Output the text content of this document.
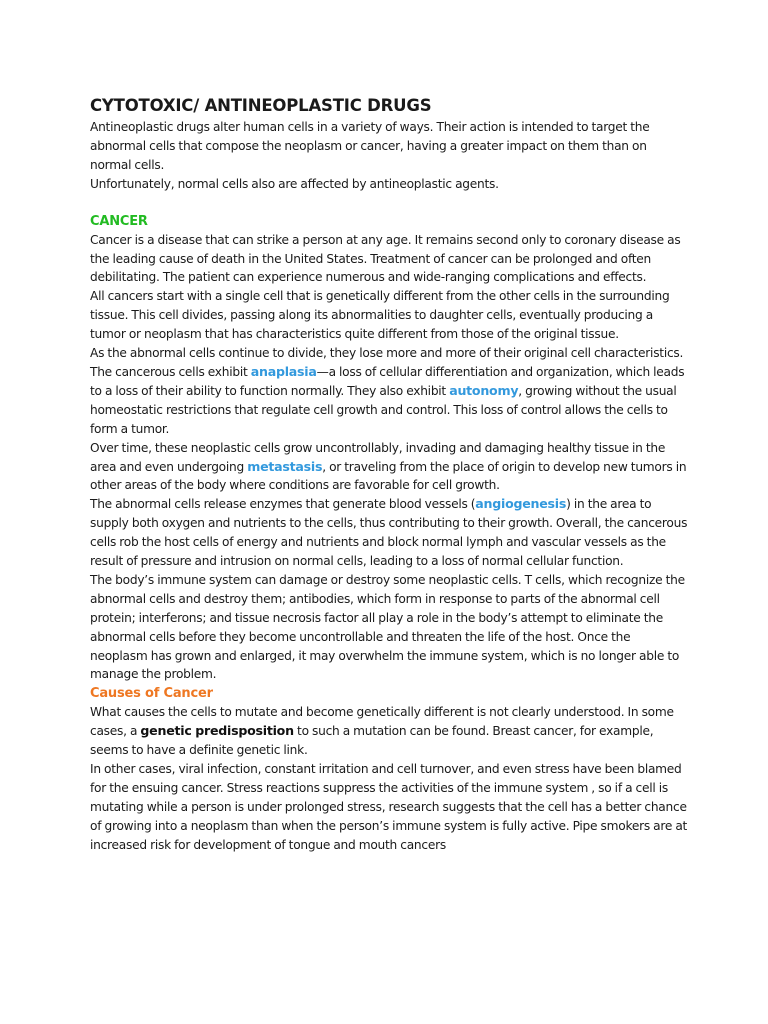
CYTOTOXIC/ ANTINEOPLASTIC DRUGS

Antineoplastic drugs alter human cells in a variety of ways. Their action is intended to target the abnormal cells that compose the neoplasm or cancer, having a greater impact on them than on normal cells.

Unfortunately, normal cells also are affected by antineoplastic agents.

CANCER

Cancer is a disease that can strike a person at any age. It remains second only to coronary disease as the leading cause of death in the United States. Treatment of cancer can be prolonged and often debilitating. The patient can experience numerous and wide-ranging complications and effects.

All cancers start with a single cell that is genetically different from the other cells in the surrounding tissue. This cell divides, passing along its abnormalities to daughter cells, eventually producing a tumor or neoplasm that has characteristics quite different from those of the original tissue.

As the abnormal cells continue to divide, they lose more and more of their original cell characteristics. The cancerous cells exhibit anaplasia—a loss of cellular differentiation and organization, which leads to a loss of their ability to function normally. They also exhibit autonomy, growing without the usual homeostatic restrictions that regulate cell growth and control. This loss of control allows the cells to form a tumor.

Over time, these neoplastic cells grow uncontrollably, invading and damaging healthy tissue in the area and even undergoing metastasis, or traveling from the place of origin to develop new tumors in other areas of the body where conditions are favorable for cell growth.

The abnormal cells release enzymes that generate blood vessels (angiogenesis) in the area to supply both oxygen and nutrients to the cells, thus contributing to their growth. Overall, the cancerous cells rob the host cells of energy and nutrients and block normal lymph and vascular vessels as the result of pressure and intrusion on normal cells, leading to a loss of normal cellular function.

The body’s immune system can damage or destroy some neoplastic cells. T cells, which recognize the abnormal cells and destroy them; antibodies, which form in response to parts of the abnormal cell protein; interferons; and tissue necrosis factor all play a role in the body’s attempt to eliminate the abnormal cells before they become uncontrollable and threaten the life of the host. Once the neoplasm has grown and enlarged, it may overwhelm the immune system, which is no longer able to manage the problem.

Causes of Cancer

What causes the cells to mutate and become genetically different is not clearly understood. In some cases, a genetic predisposition to such a mutation can be found. Breast cancer, for example, seems to have a definite genetic link.

In other cases, viral infection, constant irritation and cell turnover, and even stress have been blamed for the ensuing cancer. Stress reactions suppress the activities of the immune system , so if a cell is mutating while a person is under prolonged stress, research suggests that the cell has a better chance of growing into a neoplasm than when the person’s immune system is fully active. Pipe smokers are at increased risk for development of tongue and mouth cancers
